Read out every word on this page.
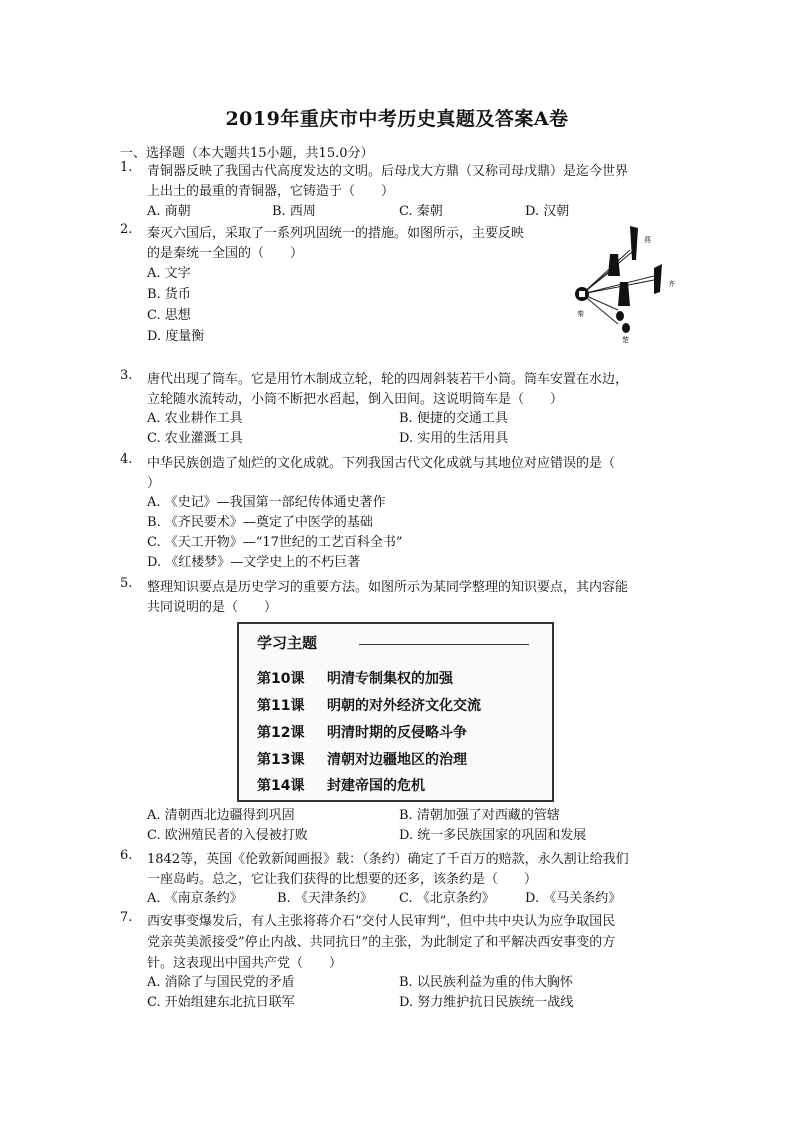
2019年重庆市中考历史真题及答案A卷
一、选择题（本大题共15小题，共15.0分）
1. 青铜器反映了我国古代高度发达的文明。后母戊大方鼎（又称司母戊鼎）是迄今世界
上出土的最重的青铜器，它铸造于（　　）
A. 商朝	B. 西周	C. 秦朝	D. 汉朝
2. 秦灭六国后，采取了一系列巩固统一的措施。如图所示，主要反映
的是秦统一全国的（　　）
A. 文字
B. 货币
C. 思想
D. 度量衡
燕
齐
秦
楚
3. 唐代出现了筒车。它是用竹木制成立轮，轮的四周斜装若干小筒。筒车安置在水边，
立轮随水流转动，小筒不断把水舀起，倒入田间。这说明筒车是（　　）
A. 农业耕作工具	B. 便捷的交通工具
C. 农业灌溉工具	D. 实用的生活用具
4. 中华民族创造了灿烂的文化成就。下列我国古代文化成就与其地位对应错误的是（
）
A. 《史记》—我国第一部纪传体通史著作
B. 《齐民要术》—奠定了中医学的基础
C. 《天工开物》—“17世纪的工艺百科全书”
D. 《红楼梦》—文学史上的不朽巨著
5. 整理知识要点是历史学习的重要方法。如图所示为某同学整理的知识要点，其内容能
共同说明的是（　　）
学习主题
第10课 明清专制集权的加强
第11课 明朝的对外经济文化交流
第12课 明清时期的反侵略斗争
第13课 清朝对边疆地区的治理
第14课 封建帝国的危机
A. 清朝西北边疆得到巩固	B. 清朝加强了对西藏的管辖
C. 欧洲殖民者的入侵被打败	D. 统一多民族国家的巩固和发展
6. 1842等，英国《伦敦新闻画报》载：（条约）确定了千百万的赔款，永久割让给我们
一座岛屿。总之，它让我们获得的比想要的还多，该条约是（　　）
A. 《南京条约》	B. 《天津条约》 C. 《北京条约》 D. 《马关条约》
7. 西安事变爆发后，有人主张将蒋介石“交付人民审判”，但中共中央认为应争取国民
党亲英美派接受”停止内战、共同抗日”的主张，为此制定了和平解决西安事变的方
针。这表现出中国共产党（　　）
A. 消除了与国民党的矛盾	B. 以民族利益为重的伟大胸怀
C. 开始组建东北抗日联军	D. 努力维护抗日民族统一战线
